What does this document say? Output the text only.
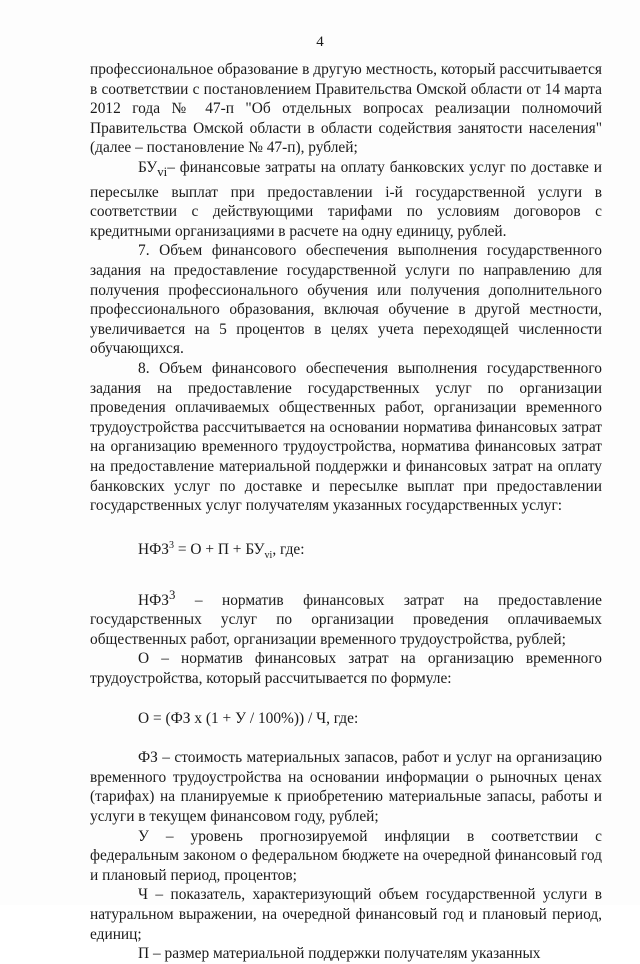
4

профессиональное образование в другую местность, который рассчитывается в соответствии с постановлением Правительства Омской области от 14 марта 2012 года № 47-п "Об отдельных вопросах реализации полномочий Правительства Омской области в области содействия занятости населения" (далее – постановление № 47-п), рублей;

$БУ_{vi}-$ финансовые затраты на оплату банковских услуг по доставке и пересылке выплат при предоставлении i-й государственной услуги в соответствии с действующими тарифами по условиям договоров с кредитными организациями в расчете на одну единицу, рублей.

7. Объем финансового обеспечения выполнения государственного задания на предоставление государственной услуги по направлению для получения профессионального обучения или получения дополнительного профессионального образования, включая обучение в другой местности, увеличивается на 5 процентов в целях учета переходящей численности обучающихся.

8. Объем финансового обеспечения выполнения государственного задания на предоставление государственных услуг по организации проведения оплачиваемых общественных работ, организации временного трудоустройства рассчитывается на основании норматива финансовых затрат на организацию временного трудоустройства, норматива финансовых затрат на предоставление материальной поддержки и финансовых затрат на оплату банковских услуг по доставке и пересылке выплат при предоставлении государственных услуг получателям указанных государственных услуг:

$НФЗ^3 = О + П + БУ_{vi}$, где:

НФЗ$^3$ – норматив финансовых затрат на предоставление государственных услуг по организации проведения оплачиваемых общественных работ, организации временного трудоустройства, рублей;

О – норматив финансовых затрат на организацию временного трудоустройства, который рассчитывается по формуле:

О = (ФЗ х (1 + У / 100%)) / Ч, где:

ФЗ – стоимость материальных запасов, работ и услуг на организацию временного трудоустройства на основании информации о рыночных ценах (тарифах) на планируемые к приобретению материальные запасы, работы и услуги в текущем финансовом году, рублей;

У – уровень прогнозируемой инфляции в соответствии с федеральным законом о федеральном бюджете на очередной финансовый год и плановый период, процентов;

Ч – показатель, характеризующий объем государственной услуги в натуральном выражении, на очередной финансовый год и плановый период, единиц;

П – размер материальной поддержки получателям указанных
